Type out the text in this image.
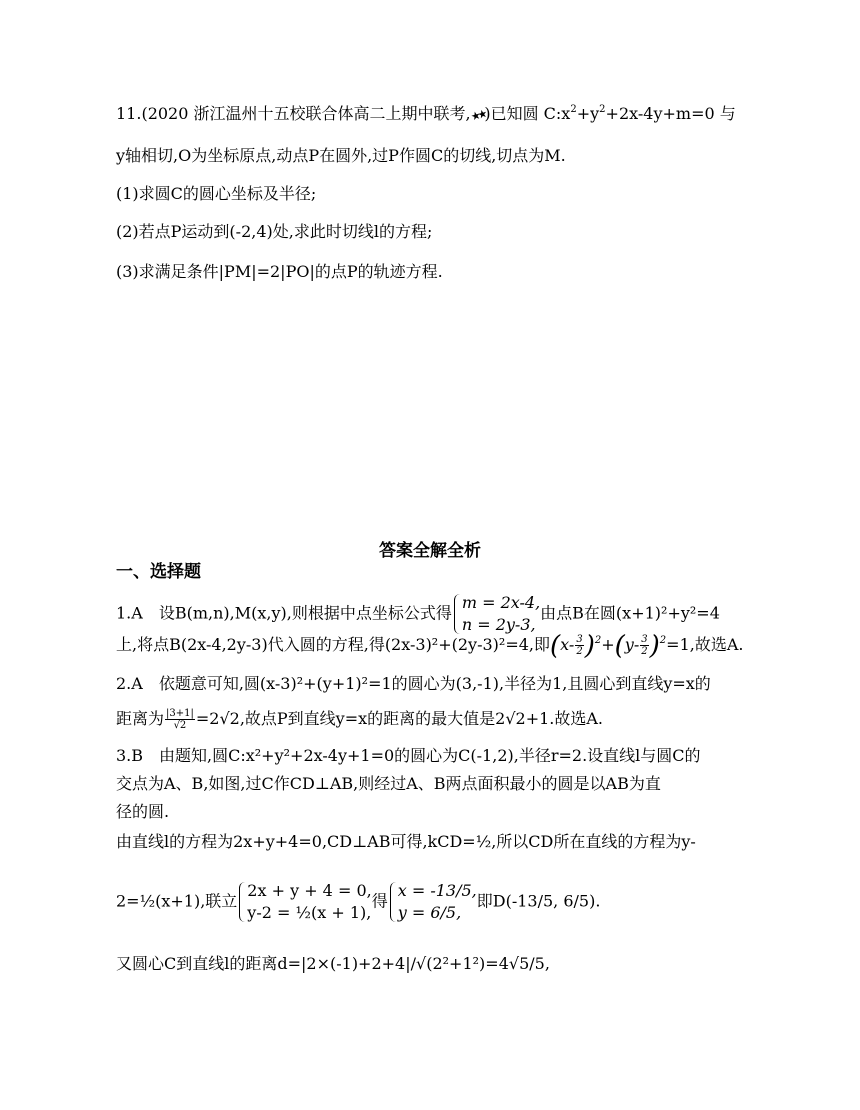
11.(2020 浙江温州十五校联合体高二上期中联考,★★)已知圆 $C:x^2+y^2+2x-4y+m=0$ 与
y轴相切,O为坐标原点,动点P在圆外,过P作圆C的切线,切点为M.
(1)求圆C的圆心坐标及半径;
(2)若点P运动到(-2,4)处,求此时切线l的方程;
(3)求满足条件|PM|=2|PO|的点P的轨迹方程.
答案全解全析
一、选择题
1.A　设B(m,n),M(x,y),则根据中点坐标公式得m = 2x-4,
n = 2y-3,由点B在圆(x+1)²+y²=4
上,将点B(2x-4,2y-3)代入圆的方程,得(2x-3)²+(2y-3)²=4,即$(x- \frac{3}{2} )^2+(y- \frac{3}{2} )^2=1$,故选A.
2.A　依题意可知,圆(x-3)²+(y+1)²=1的圆心为(3,-1),半径为1,且圆心到直线y=x的
距离为 $\frac{|3+1|}{√2} =2√2$,故点P到直线y=x的距离的最大值是2√2+1.故选A.
3.B　由题知,圆C:x²+y²+2x-4y+1=0的圆心为C(-1,2),半径r=2.设直线l与圆C的
交点为A、B,如图,过C作CD⊥AB,则经过A、B两点面积最小的圆是以AB为直
径的圆.
由直线l的方程为2x+y+4=0,CD⊥AB可得,kCD=½,所以CD所在直线的方程为y-
2=½(x+1),联立2x + y + 4 = 0,
y-2 = ½(x + 1),得x = -13/5,
y = 6/5,即D(-13/5, 6/5).
又圆心C到直线l的距离d=|2×(-1)+2+4|/√(2²+1²)=4√5/5,
